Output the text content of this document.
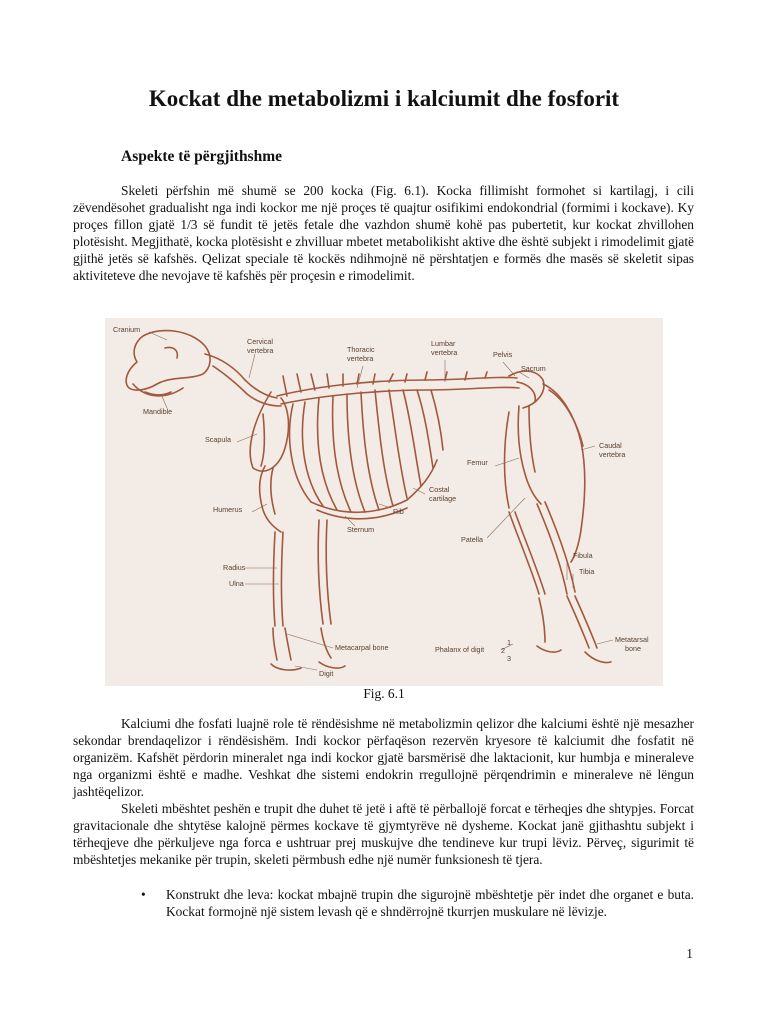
Kockat dhe metabolizmi i kalciumit dhe fosforit
Aspekte të përgjithshme

Skeleti përfshin më shumë se 200 kocka (Fig. 6.1). Kocka fillimisht formohet si kartilagj, i cili zëvendësohet gradualisht nga indi kockor me një proçes të quajtur osifikimi endokondrial (formimi i kockave). Ky proçes fillon gjatë 1/3 së fundit të jetës fetale dhe vazhdon shumë kohë pas pubertetit, kur kockat zhvillohen plotësisht. Megjithatë, kocka plotësisht e zhvilluar mbetet metabolikisht aktive dhe është subjekt i rimodelimit gjatë gjithë jetës së kafshës. Qelizat speciale të kockës ndihmojnë në përshtatjen e formës dhe masës së skeletit sipas aktiviteteve dhe nevojave të kafshës për proçesin e rimodelimit.

Cranium
Cervical
vertebra	Thoracic
vertebra
Lumbar
vertebra	Pelvis
Sacrum
Mandible
Scapula
Caudal
vertebra
Femur
Costal
cartilage
Humerus	Rib
Sternum
Patella
Fibula
Tibia
Radius
Ulna
Metacarpal bone	Phalanx of digit
1
2
3
Metatarsal
bone
Digit
Fig. 6.1

Kalciumi dhe fosfati luajnë role të rëndësishme në metabolizmin qelizor dhe kalciumi është një mesazher sekondar brendaqelizor i rëndësishëm. Indi kockor përfaqëson rezervën kryesore të kalciumit dhe fosfatit në organizëm. Kafshët përdorin mineralet nga indi kockor gjatë barsmërisë dhe laktacionit, kur humbja e mineraleve nga organizmi është e madhe. Veshkat dhe sistemi endokrin rregullojnë përqendrimin e mineraleve në lëngun jashtëqelizor.

Skeleti mbështet peshën e trupit dhe duhet të jetë i aftë të përballojë forcat e tërheqjes dhe shtypjes. Forcat gravitacionale dhe shtytëse kalojnë përmes kockave të gjymtyrëve në dysheme. Kockat janë gjithashtu subjekt i tërheqjeve dhe përkuljeve nga forca e ushtruar prej muskujve dhe tendineve kur trupi lëviz. Përveç, sigurimit të mbështetjes mekanike për trupin, skeleti përmbush edhe një numër funksionesh të tjera.

• Konstrukt dhe leva: kockat mbajnë trupin dhe sigurojnë mbështetje për indet dhe organet e buta. Kockat formojnë një sistem levash që e shndërrojnë tkurrjen muskulare në lëvizje.
1
